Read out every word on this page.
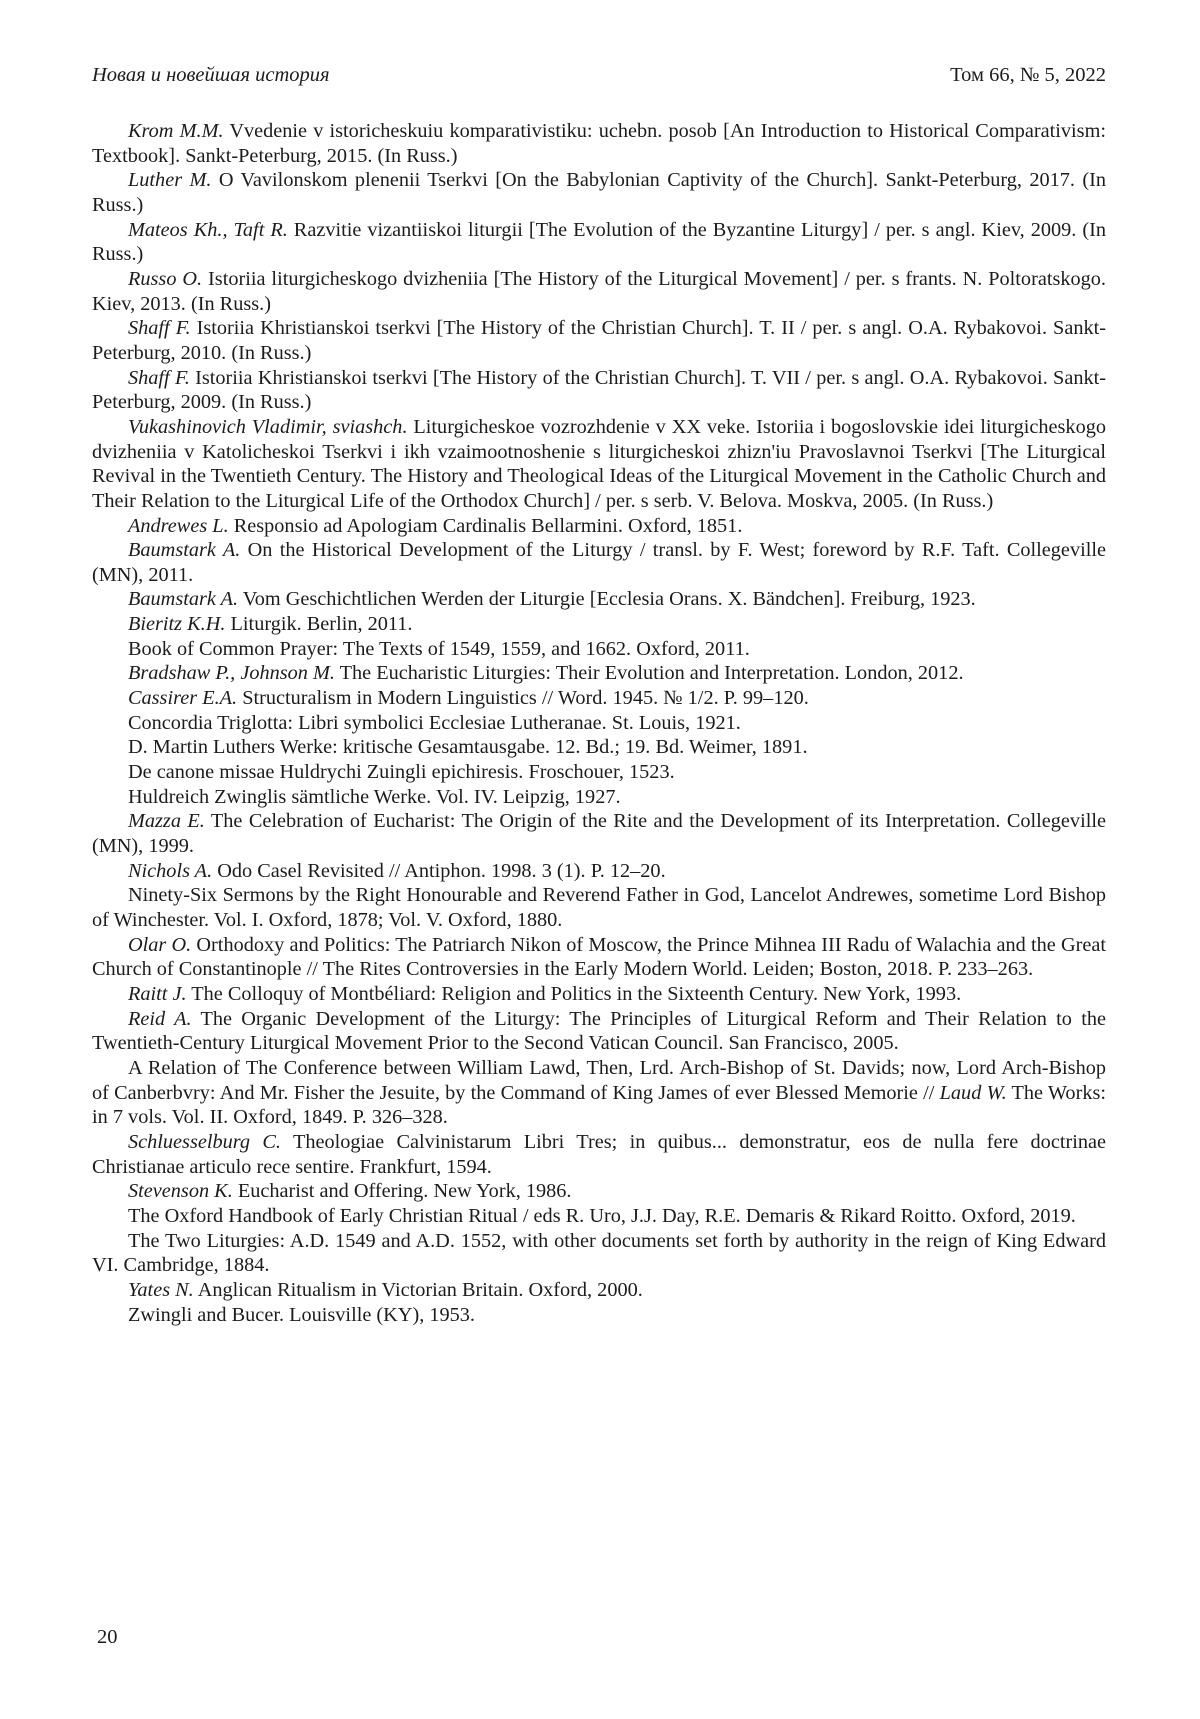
Новая и новейшая история	Том 66, № 5, 2022

Krom M.M. Vvedenie v istoricheskuiu komparativistiku: uchebn. posob [An Introduction to Historical Comparativism: Textbook]. Sankt-Peterburg, 2015. (In Russ.)

Luther M. O Vavilonskom plenenii Tserkvi [On the Babylonian Captivity of the Church]. Sankt-Peterburg, 2017. (In Russ.)

Mateos Kh., Taft R. Razvitie vizantiiskoi liturgii [The Evolution of the Byzantine Liturgy] / per. s angl. Kiev, 2009. (In Russ.)

Russo O. Istoriia liturgicheskogo dvizheniia [The History of the Liturgical Movement] / per. s frants. N. Poltoratskogo. Kiev, 2013. (In Russ.)

Shaff F. Istoriia Khristianskoi tserkvi [The History of the Christian Church]. T. II / per. s angl. O.A. Rybakovoi. Sankt-Peterburg, 2010. (In Russ.)

Shaff F. Istoriia Khristianskoi tserkvi [The History of the Christian Church]. T. VII / per. s angl. O.A. Rybakovoi. Sankt-Peterburg, 2009. (In Russ.)

Vukashinovich Vladimir, sviashch. Liturgicheskoe vozrozhdenie v XX veke. Istoriia i bogoslovskie idei liturgicheskogo dvizheniia v Katolicheskoi Tserkvi i ikh vzaimootnoshenie s liturgicheskoi zhizn'iu Pravoslavnoi Tserkvi [The Liturgical Revival in the Twentieth Century. The History and Theological Ideas of the Liturgical Movement in the Catholic Church and Their Relation to the Liturgical Life of the Orthodox Church] / per. s serb. V. Belova. Moskva, 2005. (In Russ.)

Andrewes L. Responsio ad Apologiam Cardinalis Bellarmini. Oxford, 1851.

Baumstark A. On the Historical Development of the Liturgy / transl. by F. West; foreword by R.F. Taft. Collegeville (MN), 2011.

Baumstark A. Vom Geschichtlichen Werden der Liturgie [Ecclesia Orans. X. Bändchen]. Freiburg, 1923.

Bieritz K.H. Liturgik. Berlin, 2011.

Book of Common Prayer: The Texts of 1549, 1559, and 1662. Oxford, 2011.

Bradshaw P., Johnson M. The Eucharistic Liturgies: Their Evolution and Interpretation. London, 2012.

Cassirer E.A. Structuralism in Modern Linguistics // Word. 1945. № 1/2. P. 99–120.

Concordia Triglotta: Libri symbolici Ecclesiae Lutheranae. St. Louis, 1921.

D. Martin Luthers Werke: kritische Gesamtausgabe. 12. Bd.; 19. Bd. Weimer, 1891.

De canone missae Huldrychi Zuingli epichiresis. Froschouer, 1523.

Huldreich Zwinglis sämtliche Werke. Vol. IV. Leipzig, 1927.

Mazza E. The Celebration of Eucharist: The Origin of the Rite and the Development of its Interpretation. Collegeville (MN), 1999.

Nichols A. Odo Casel Revisited // Antiphon. 1998. 3 (1). P. 12–20.

Ninety-Six Sermons by the Right Honourable and Reverend Father in God, Lancelot Andrewes, sometime Lord Bishop of Winchester. Vol. I. Oxford, 1878; Vol. V. Oxford, 1880.

Olar O. Orthodoxy and Politics: The Patriarch Nikon of Moscow, the Prince Mihnea III Radu of Walachia and the Great Church of Constantinople // The Rites Controversies in the Early Modern World. Leiden; Boston, 2018. P. 233–263.

Raitt J. The Colloquy of Montbéliard: Religion and Politics in the Sixteenth Century. New York, 1993.

Reid A. The Organic Development of the Liturgy: The Principles of Liturgical Reform and Their Relation to the Twentieth-Century Liturgical Movement Prior to the Second Vatican Council. San Francisco, 2005.

A Relation of The Conference between William Lawd, Then, Lrd. Arch-Bishop of St. Davids; now, Lord Arch-Bishop of Canberbvry: And Mr. Fisher the Jesuite, by the Command of King James of ever Blessed Memorie // Laud W. The Works: in 7 vols. Vol. II. Oxford, 1849. P. 326–328.

Schluesselburg C. Theologiae Calvinistarum Libri Tres; in quibus... demonstratur, eos de nulla fere doctrinae Christianae articulo rece sentire. Frankfurt, 1594.

Stevenson K. Eucharist and Offering. New York, 1986.

The Oxford Handbook of Early Christian Ritual / eds R. Uro, J.J. Day, R.E. Demaris & Rikard Roitto. Oxford, 2019.

The Two Liturgies: A.D. 1549 and A.D. 1552, with other documents set forth by authority in the reign of King Edward VI. Cambridge, 1884.

Yates N. Anglican Ritualism in Victorian Britain. Oxford, 2000.

Zwingli and Bucer. Louisville (KY), 1953.

20
